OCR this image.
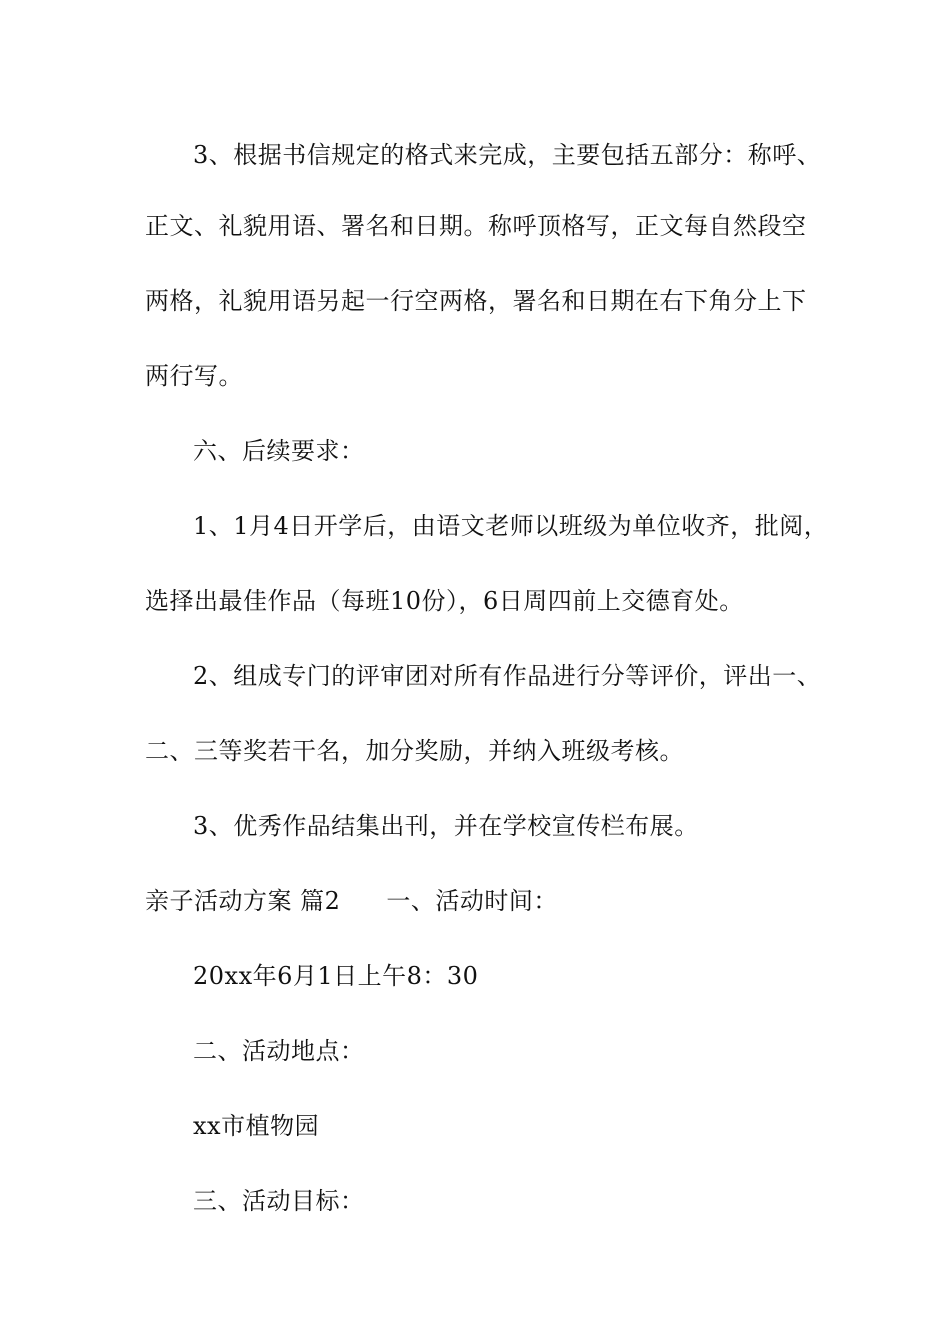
3、根据书信规定的格式来完成，主要包括五部分：称呼、
正文、礼貌用语、署名和日期。称呼顶格写，正文每自然段空
两格，礼貌用语另起一行空两格，署名和日期在右下角分上下
两行写。
六、后续要求：
1、1月4日开学后，由语文老师以班级为单位收齐，批阅，
选择出最佳作品（每班10份），6日周四前上交德育处。
2、组成专门的评审团对所有作品进行分等评价，评出一、
二、三等奖若干名，加分奖励，并纳入班级考核。
3、优秀作品结集出刊，并在学校宣传栏布展。
亲子活动方案 篇2 一、活动时间：
20xx年6月1日上午8：30
二、活动地点：
xx市植物园
三、活动目标：
